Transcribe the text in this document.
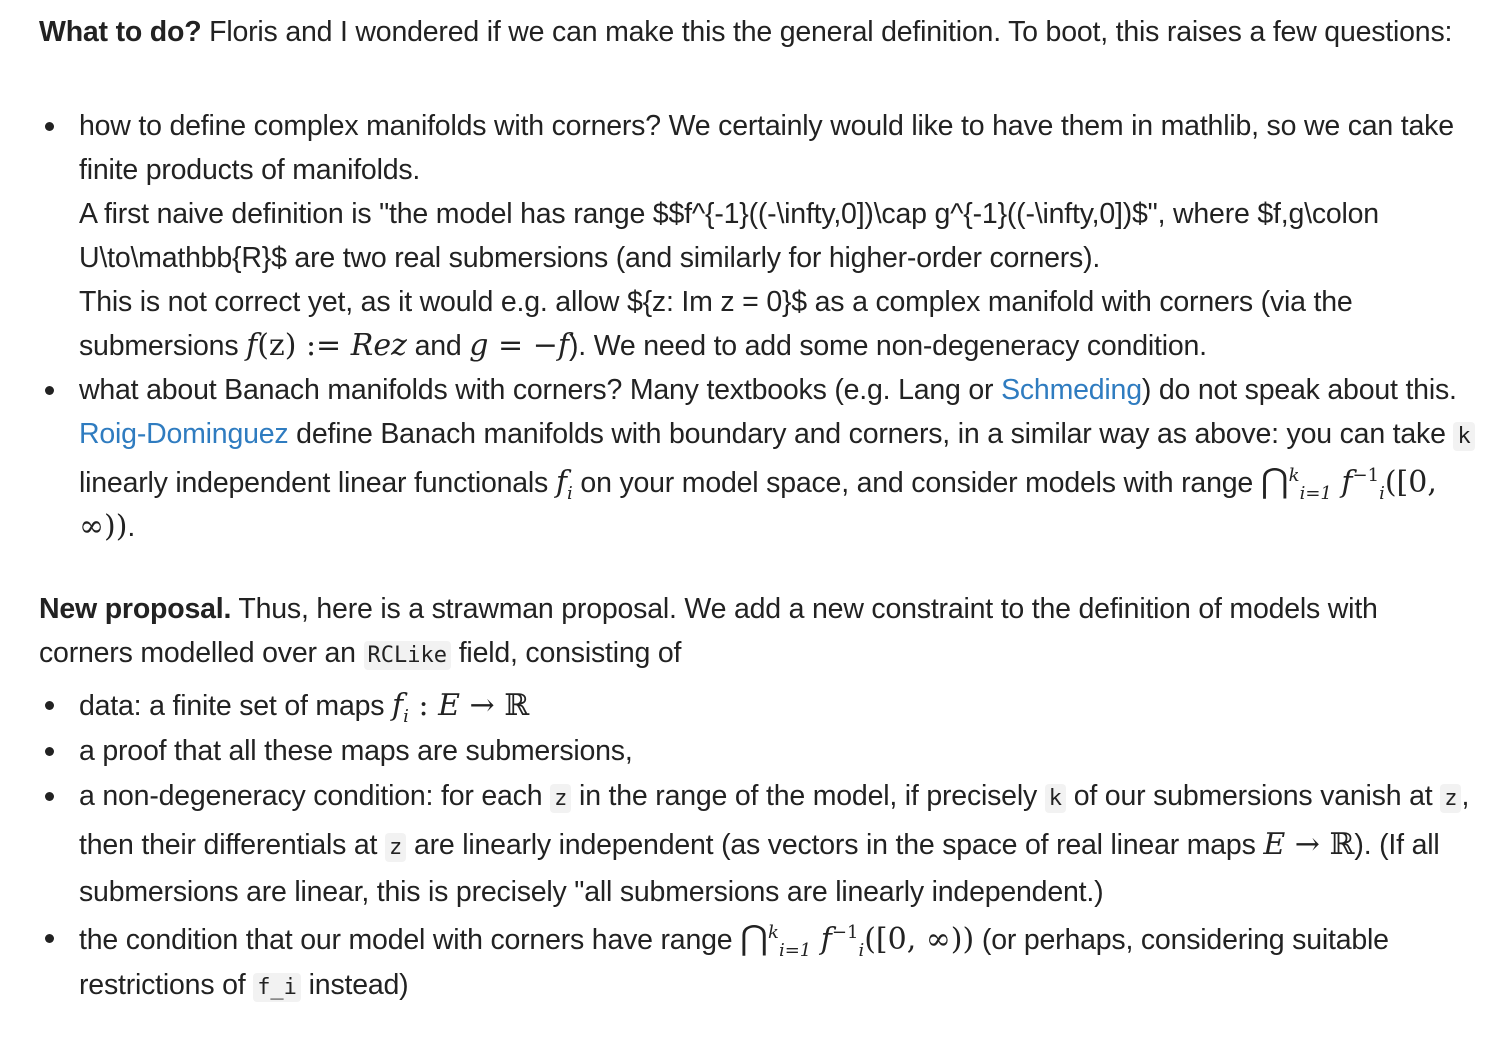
What to do? Floris and I wondered if we can make this the general definition. To boot, this raises a few questions:

how to define complex manifolds with corners? We certainly would like to have them in mathlib, so we can take finite products of manifolds.
A first naive definition is "the model has range $$f^{-1}((-\infty,0])\cap g^{-1}((-\infty,0])$", where $f,g\colon U\to\mathbb{R}$ are two real submersions (and similarly for higher-order corners).
This is not correct yet, as it would e.g. allow ${z: Im z = 0}$ as a complex manifold with corners (via the submersions f(z) := Rez and g = −f). We need to add some non-degeneracy condition.
what about Banach manifolds with corners? Many textbooks (e.g. Lang or Schmeding) do not speak about this. Roig-Dominguez define Banach manifolds with boundary and corners, in a similar way as above: you can take k linearly independent linear functionals $f_i$ on your model space, and consider models with range ⋂$^k_{i=1}$ $f^{-1}_i([0$, ∞)).

New proposal. Thus, here is a strawman proposal. We add a new constraint to the definition of models with corners modelled over an RCLike field, consisting of

data: a finite set of maps $f_i$ : E → ℝ
a proof that all these maps are submersions,
a non-degeneracy condition: for each z in the range of the model, if precisely k of our submersions vanish at z , then their differentials at z are linearly independent (as vectors in the space of real linear maps E → ℝ). (If all submersions are linear, this is precisely "all submersions are linearly independent.)
the condition that our model with corners have range ⋂$^k_{i=1}$ $f^{-1}_i([0$, ∞)) (or perhaps, considering suitable restrictions of f_i instead)
